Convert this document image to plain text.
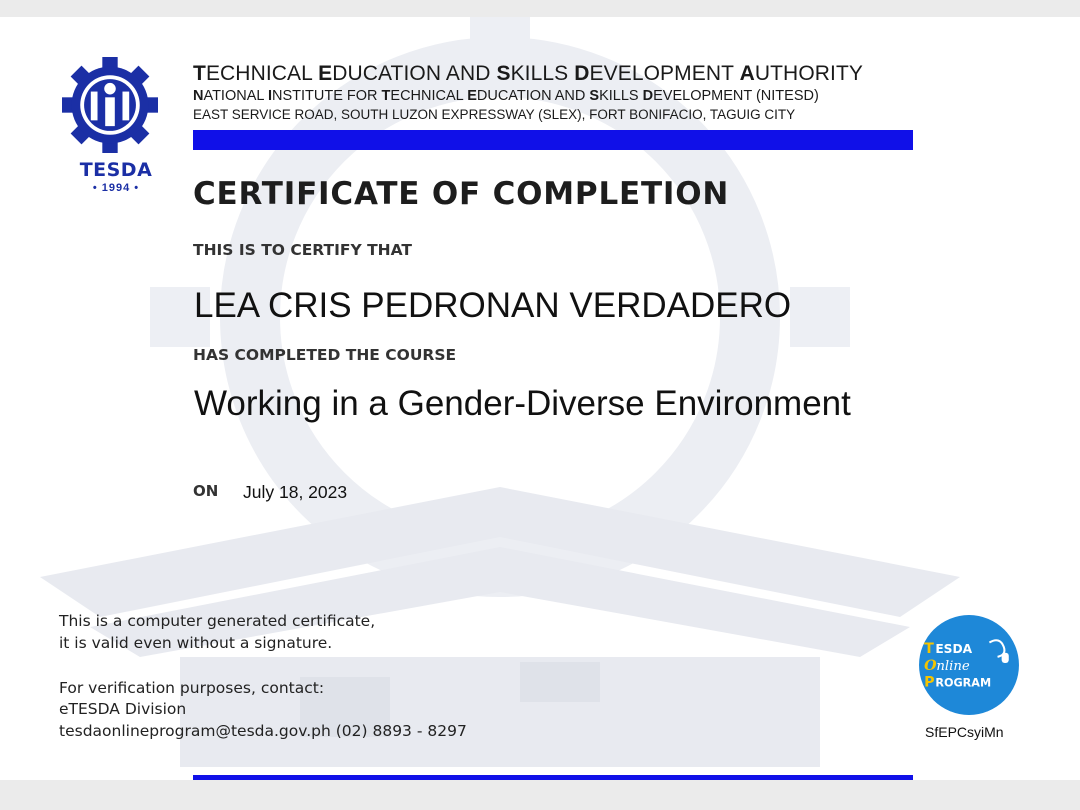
TESDA
• 1994 •
TECHNICAL EDUCATION AND SKILLS DEVELOPMENT AUTHORITY
NATIONAL INSTITUTE FOR TECHNICAL EDUCATION AND SKILLS DEVELOPMENT (NITESD)
EAST SERVICE ROAD, SOUTH LUZON EXPRESSWAY (SLEX), FORT BONIFACIO, TAGUIG CITY
CERTIFICATE OF COMPLETION
THIS IS TO CERTIFY THAT
LEA CRIS PEDRONAN VERDADERO
HAS COMPLETED THE COURSE
Working in a Gender-Diverse Environment
ON July 18, 2023
This is a computer generated certificate,
it is valid even without a signature.
For verification purposes, contact:
eTESDA Division
tesdaonlineprogram@tesda.gov.ph (02) 8893 - 8297
T ESDA
O nline
P ROGRAM
SfEPCsyiMn
